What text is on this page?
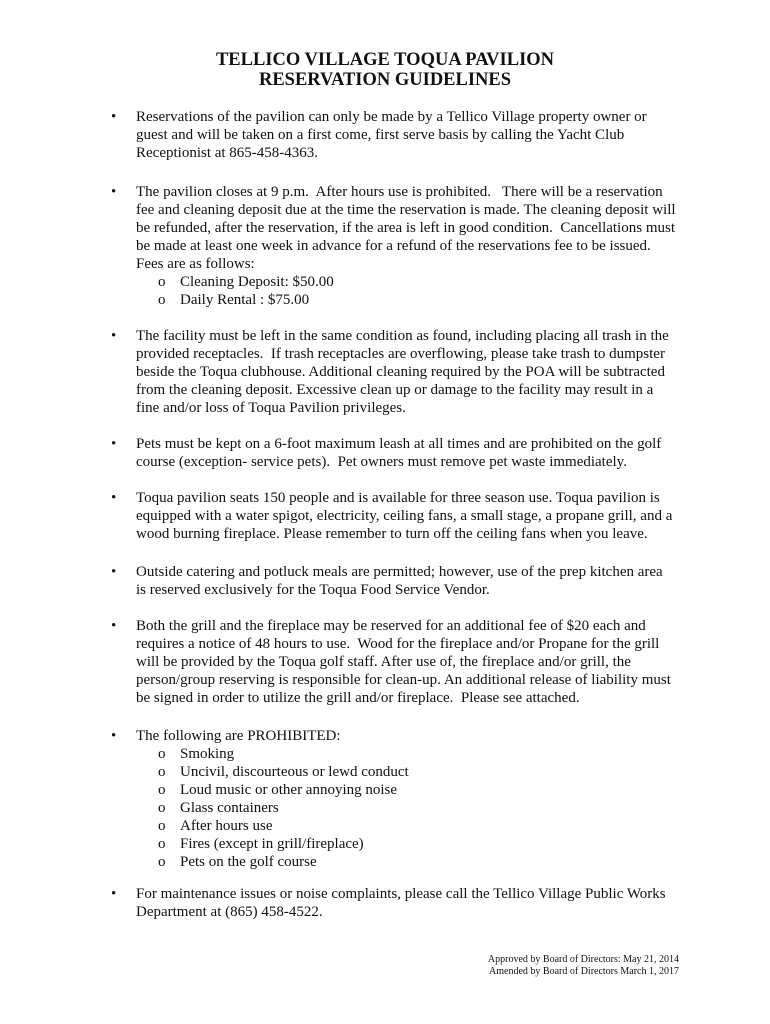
TELLICO VILLAGE TOQUA PAVILION
RESERVATION GUIDELINES
• Reservations of the pavilion can only be made by a Tellico Village property owner or
guest and will be taken on a first come, first serve basis by calling the Yacht Club
Receptionist at 865-458-4363.
• The pavilion closes at 9 p.m.  After hours use is prohibited.   There will be a reservation
fee and cleaning deposit due at the time the reservation is made. The cleaning deposit will
be refunded, after the reservation, if the area is left in good condition.  Cancellations must
be made at least one week in advance for a refund of the reservations fee to be issued.
Fees are as follows:
o Cleaning Deposit: $50.00
o Daily Rental : $75.00
• The facility must be left in the same condition as found, including placing all trash in the
provided receptacles.  If trash receptacles are overflowing, please take trash to dumpster
beside the Toqua clubhouse. Additional cleaning required by the POA will be subtracted
from the cleaning deposit. Excessive clean up or damage to the facility may result in a
fine and/or loss of Toqua Pavilion privileges.
• Pets must be kept on a 6-foot maximum leash at all times and are prohibited on the golf
course (exception- service pets).  Pet owners must remove pet waste immediately.
• Toqua pavilion seats 150 people and is available for three season use. Toqua pavilion is
equipped with a water spigot, electricity, ceiling fans, a small stage, a propane grill, and a
wood burning fireplace. Please remember to turn off the ceiling fans when you leave.
• Outside catering and potluck meals are permitted; however, use of the prep kitchen area
is reserved exclusively for the Toqua Food Service Vendor.
• Both the grill and the fireplace may be reserved for an additional fee of $20 each and
requires a notice of 48 hours to use.  Wood for the fireplace and/or Propane for the grill
will be provided by the Toqua golf staff. After use of, the fireplace and/or grill, the
person/group reserving is responsible for clean-up. An additional release of liability must
be signed in order to utilize the grill and/or fireplace.  Please see attached.
• The following are PROHIBITED:
o Smoking
o Uncivil, discourteous or lewd conduct
o Loud music or other annoying noise
o Glass containers
o After hours use
o Fires (except in grill/fireplace)
o Pets on the golf course
• For maintenance issues or noise complaints, please call the Tellico Village Public Works
Department at (865) 458-4522.
Approved by Board of Directors: May 21, 2014
Amended by Board of Directors March 1, 2017
